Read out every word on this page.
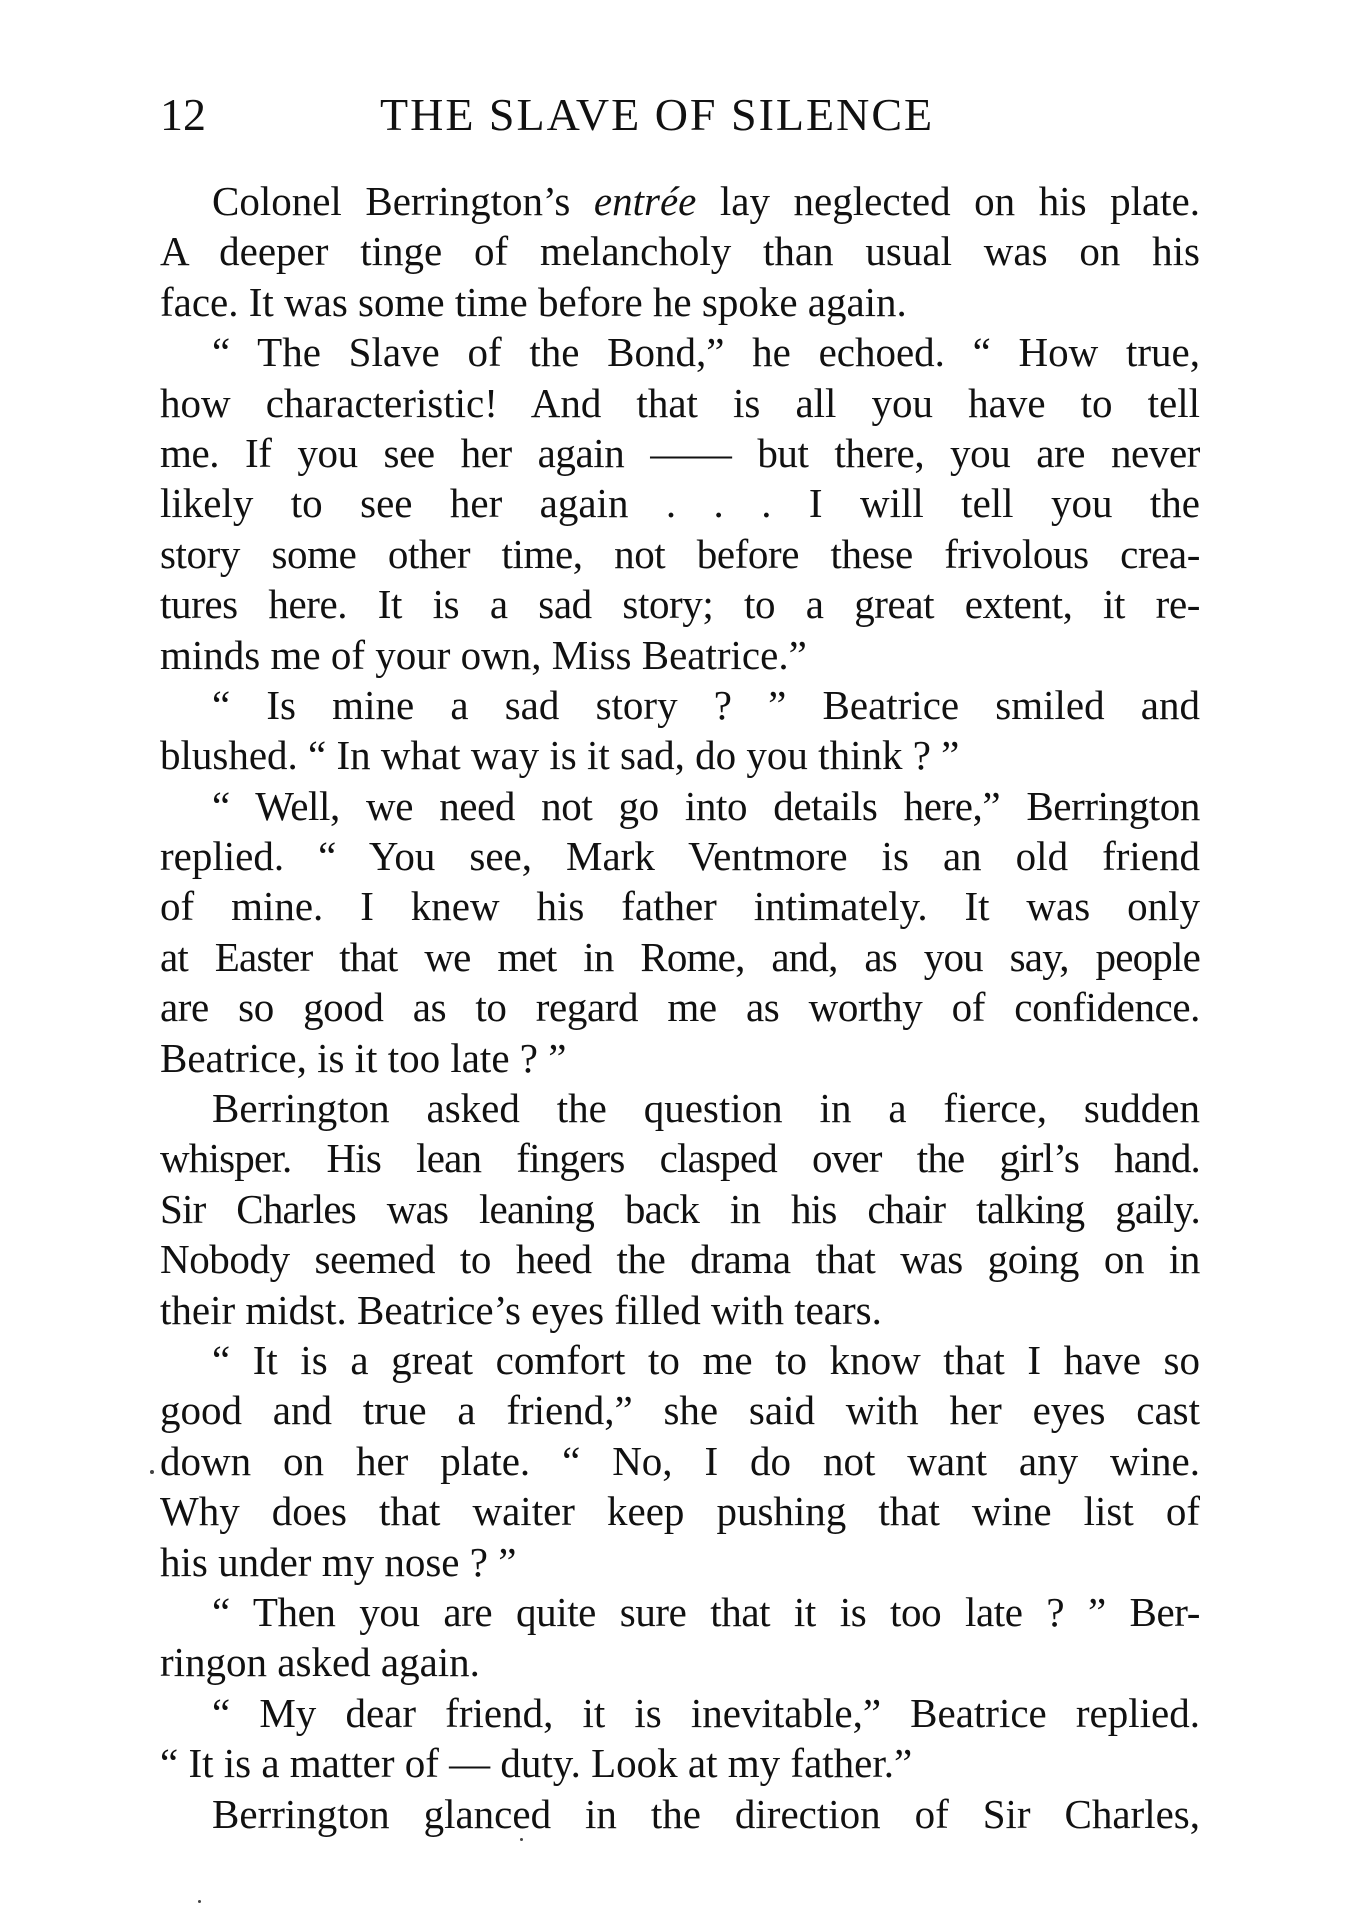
12	THE SLAVE OF SILENCE
Colonel Berrington’s entrée lay neglected on his plate.
A deeper tinge of melancholy than usual was on his
face. It was some time before he spoke again.
“ The Slave of the Bond,” he echoed. “ How true,
how characteristic! And that is all you have to tell
me. If you see her again —— but there, you are never
likely to see her again . . . I will tell you the
story some other time, not before these frivolous crea-
tures here. It is a sad story; to a great extent, it re-
minds me of your own, Miss Beatrice.”
“ Is mine a sad story ? ” Beatrice smiled and
blushed. “ In what way is it sad, do you think ? ”
“ Well, we need not go into details here,” Berrington
replied. “ You see, Mark Ventmore is an old friend
of mine. I knew his father intimately. It was only
at Easter that we met in Rome, and, as you say, people
are so good as to regard me as worthy of confidence.
Beatrice, is it too late ? ”
Berrington asked the question in a fierce, sudden
whisper. His lean fingers clasped over the girl’s hand.
Sir Charles was leaning back in his chair talking gaily.
Nobody seemed to heed the drama that was going on in
their midst. Beatrice’s eyes filled with tears.
“ It is a great comfort to me to know that I have so
good and true a friend,” she said with her eyes cast
down on her plate. “ No, I do not want any wine.
Why does that waiter keep pushing that wine list of
his under my nose ? ”
“ Then you are quite sure that it is too late ? ” Ber-
ringon asked again.
“ My dear friend, it is inevitable,” Beatrice replied.
“ It is a matter of — duty. Look at my father.”
Berrington glanced in the direction of Sir Charles,
